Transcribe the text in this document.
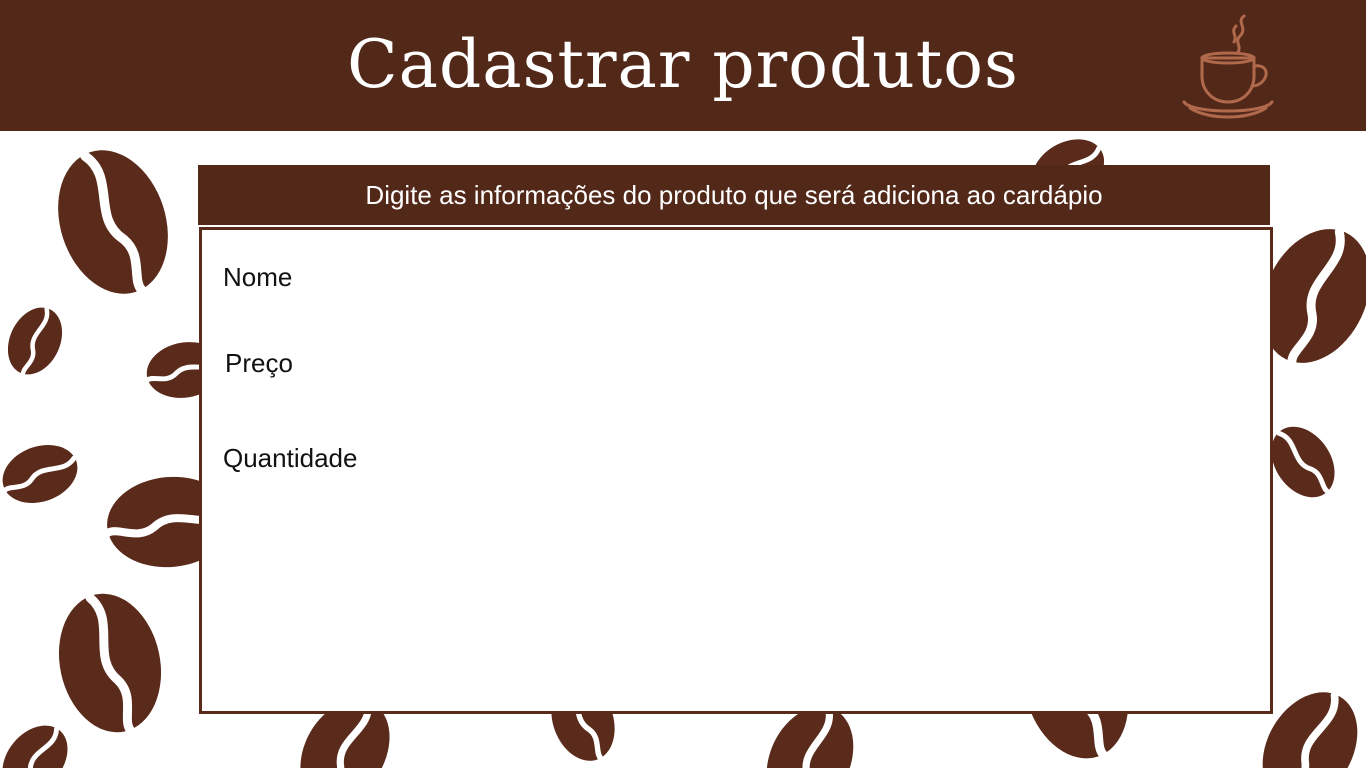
Cadastrar produtos
Digite as informações do produto que será adiciona ao cardápio
Nome
Preço
Quantidade
